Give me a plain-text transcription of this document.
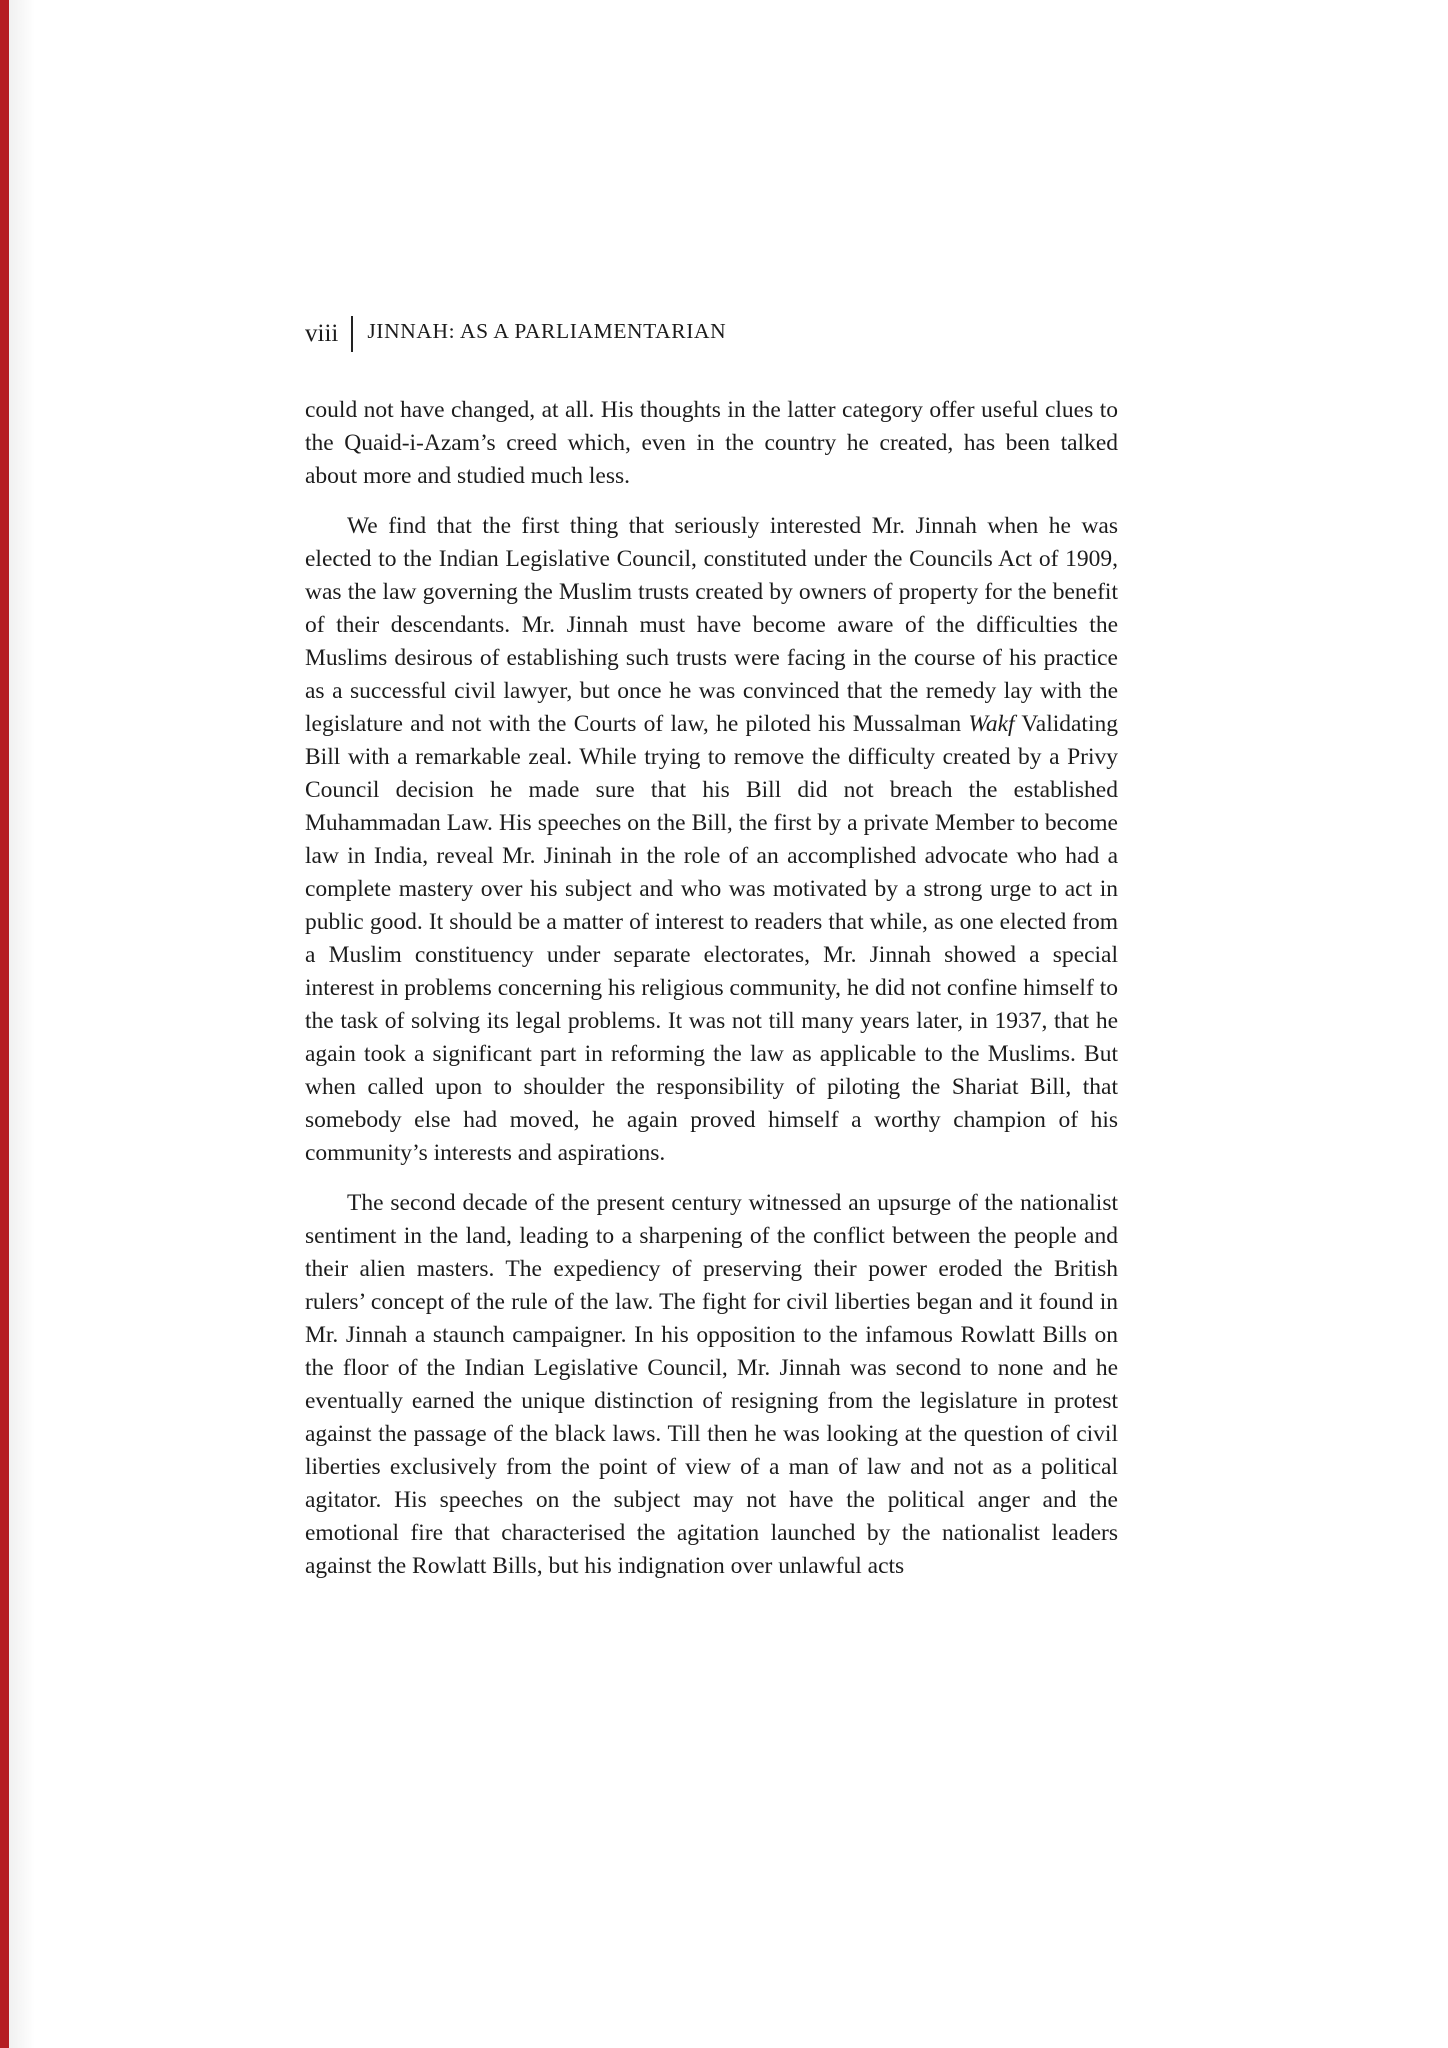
viii JINNAH: AS A PARLIAMENTARIAN

could not have changed, at all. His thoughts in the latter category offer useful clues to the Quaid-i-Azam’s creed which, even in the country he created, has been talked about more and studied much less.

We find that the first thing that seriously interested Mr. Jinnah when he was elected to the Indian Legislative Council, constituted under the Councils Act of 1909, was the law governing the Muslim trusts created by owners of property for the benefit of their descendants. Mr. Jinnah must have become aware of the difficulties the Muslims desirous of establishing such trusts were facing in the course of his practice as a successful civil lawyer, but once he was convinced that the remedy lay with the legislature and not with the Courts of law, he piloted his Mussalman Wakf Validating Bill with a remarkable zeal. While trying to remove the difficulty created by a Privy Council decision he made sure that his Bill did not breach the established Muhammadan Law. His speeches on the Bill, the first by a private Member to become law in India, reveal Mr. Jininah in the role of an accomplished advocate who had a complete mastery over his subject and who was motivated by a strong urge to act in public good. It should be a matter of interest to readers that while, as one elected from a Muslim constituency under separate electorates, Mr. Jinnah showed a special interest in problems concerning his religious community, he did not confine himself to the task of solving its legal problems. It was not till many years later, in 1937, that he again took a significant part in reforming the law as applicable to the Muslims. But when called upon to shoulder the responsibility of piloting the Shariat Bill, that somebody else had moved, he again proved himself a worthy champion of his community’s interests and aspirations.

The second decade of the present century witnessed an upsurge of the nationalist sentiment in the land, leading to a sharpening of the conflict between the people and their alien masters. The expediency of preserving their power eroded the British rulers’ concept of the rule of the law. The fight for civil liberties began and it found in Mr. Jinnah a staunch campaigner. In his opposition to the infamous Rowlatt Bills on the floor of the Indian Legislative Council, Mr. Jinnah was second to none and he eventually earned the unique distinction of resigning from the legislature in protest against the passage of the black laws. Till then he was looking at the question of civil liberties exclusively from the point of view of a man of law and not as a political agitator. His speeches on the subject may not have the political anger and the emotional fire that characterised the agitation launched by the nationalist leaders against the Rowlatt Bills, but his indignation over unlawful acts
